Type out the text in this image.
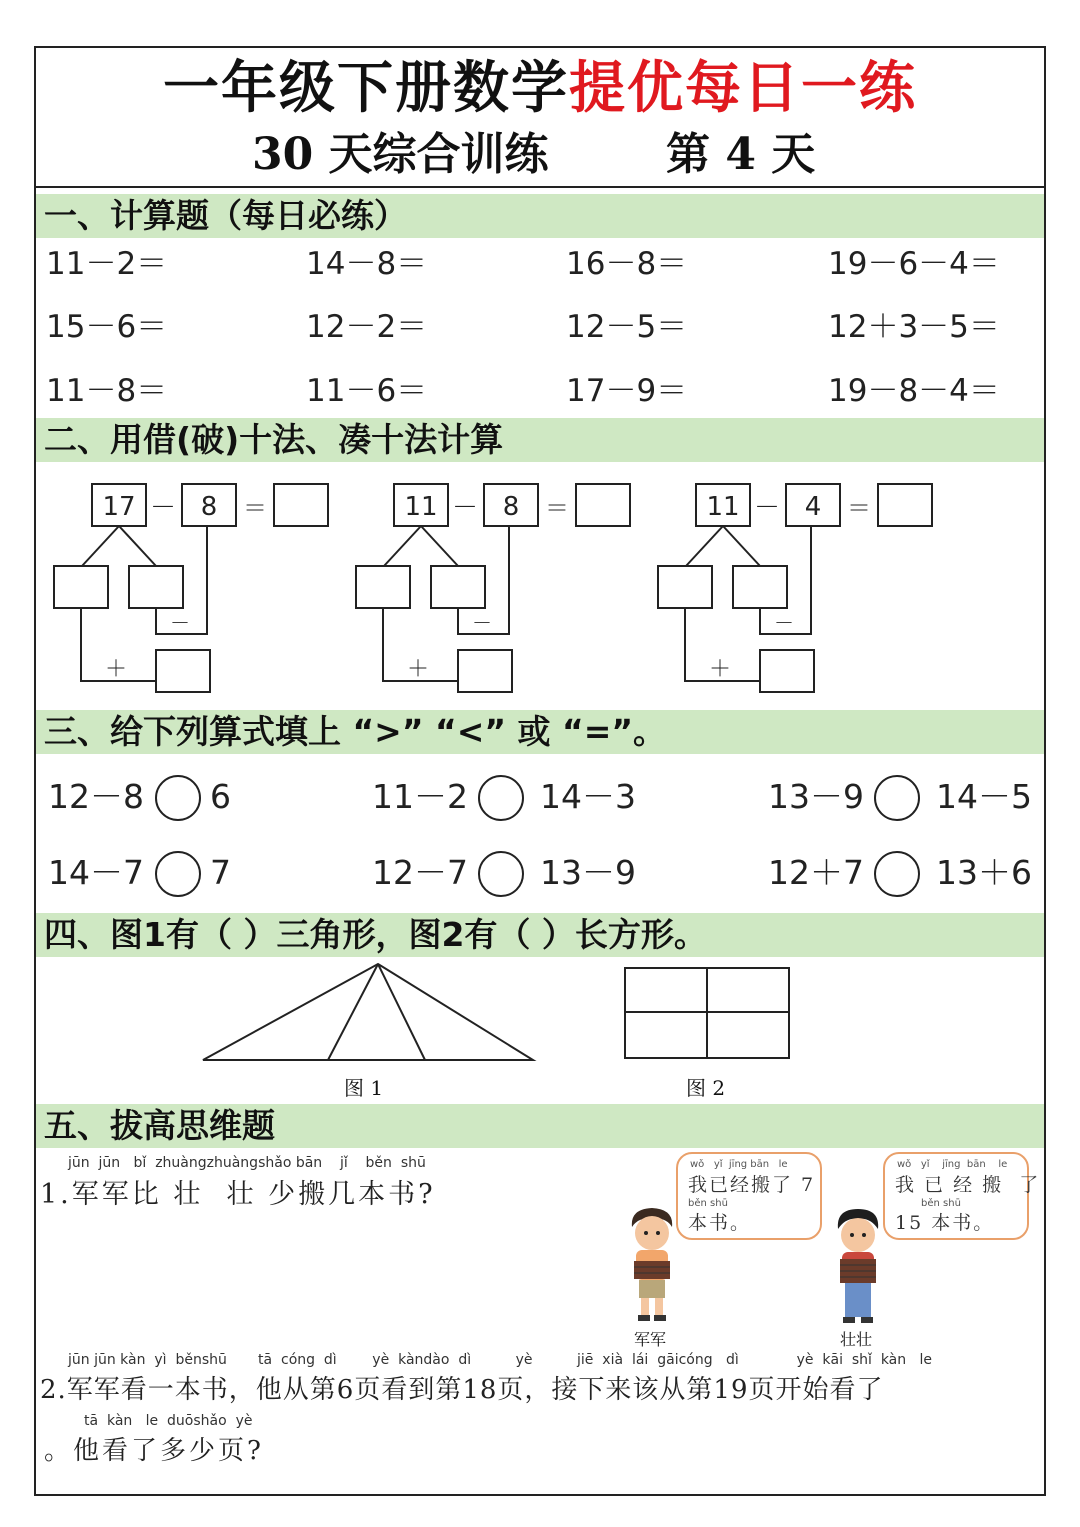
一年级下册数学提优每日一练
30 天综合训练	第 4 天
一、计算题（每日必练）
11－2＝	14－8＝	16－8＝	19－6－4＝
15－6＝	12－2＝	12－5＝	12＋3－5＝
11－8＝	11－6＝	17－9＝	19－8－4＝
二、用借(破)十法、凑十法计算
17 － 8 ＝
－
＋
11 － 8 ＝
－
＋
11 － 4 ＝
－
＋
三、给下列算式填上 “>” “<” 或 “=”。
12－8 6	11－2 14－3	13－9 14－5
14－7 7	12－7 13－9	12＋7 13＋6
四、图1有（ ）三角形，图2有（ ）长方形。
图 1	图 2
五、拔高思维题
jūn  jūn   bǐ  zhuàngzhuàngshǎo bān    jǐ    běn  shū
1.军军比 壮  壮 少搬几本书?
wǒ   yǐ  jīng bān   le
我已经搬了 7
běn shū
本书。
wǒ   yǐ    jīng  bān    le
我 已 经 搬  了
běn shū
15 本书。
军军	壮壮
jūn jūn kàn  yì  běnshū       tā  cóng  dì        yè  kàndào  dì          yè          jiē  xià  lái  gāicóng   dì             yè  kāi  shǐ  kàn   le
2.军军看一本书，他从第6页看到第18页，接下来该从第19页开始看了
tā  kàn   le  duōshǎo  yè
。他看了多少页?
